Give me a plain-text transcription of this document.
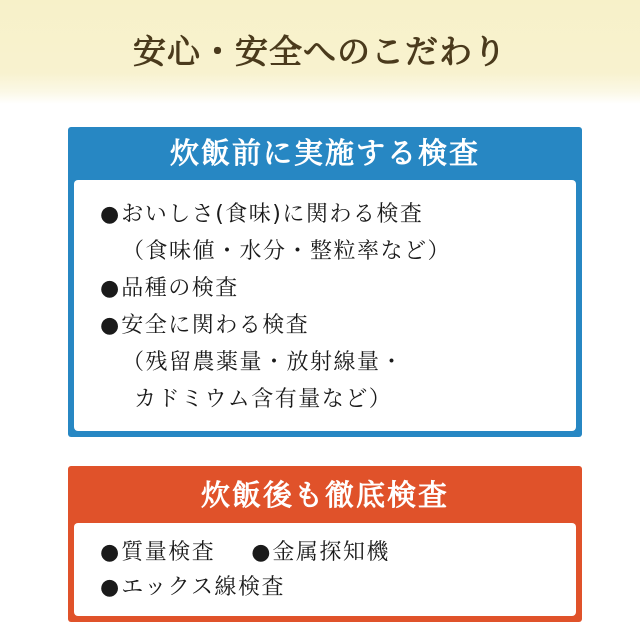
安心・安全へのこだわり
炊飯前に実施する検査
●おいしさ(食味)に関わる検査
（食味値・水分・整粒率など）
●品種の検査
●安全に関わる検査
（残留農薬量・放射線量・
カドミウム含有量など）
炊飯後も徹底検査
●質量検査 ●金属探知機
●エックス線検査
